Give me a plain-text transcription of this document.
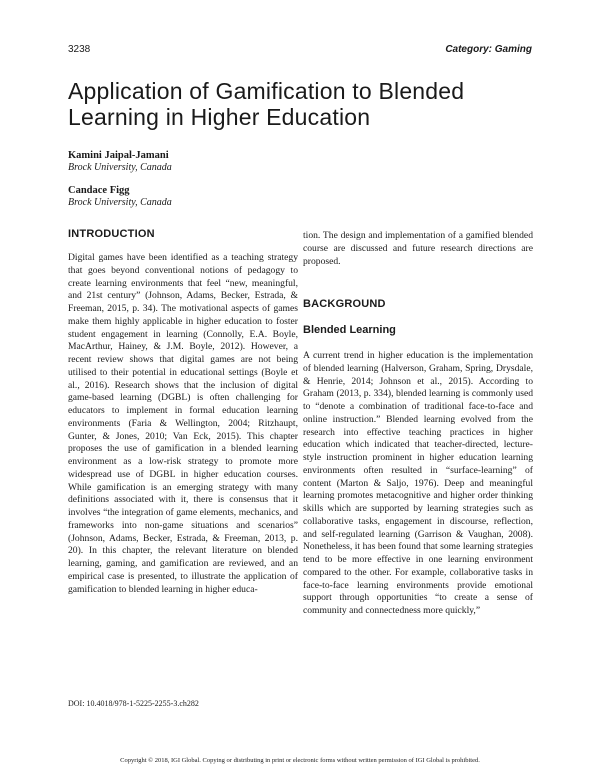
3238	Category: Gaming
Application of Gamification to Blended Learning in Higher Education
Kamini Jaipal-Jamani
Brock University, Canada
Candace Figg
Brock University, Canada
INTRODUCTION
Digital games have been identified as a teaching strategy that goes beyond conventional notions of pedagogy to create learning environments that feel “new, meaningful, and 21st century” (Johnson, Adams, Becker, Estrada, & Freeman, 2015, p. 34). The motivational aspects of games make them highly applicable in higher education to foster student engagement in learning (Connolly, E.A. Boyle, MacArthur, Hainey, & J.M. Boyle, 2012). However, a recent review shows that digital games are not being utilised to their potential in educational settings (Boyle et al., 2016). Research shows that the inclusion of digital game-based learning (DGBL) is often challenging for educators to implement in formal education learning environments (Faria & Wellington, 2004; Ritzhaupt, Gunter, & Jones, 2010; Van Eck, 2015). This chapter proposes the use of gamification in a blended learning environment as a low-risk strategy to promote more widespread use of DGBL in higher education courses. While gamification is an emerging strategy with many definitions associated with it, there is consensus that it involves “the integration of game elements, mechanics, and frameworks into non-game situations and scenarios” (Johnson, Adams, Becker, Estrada, & Freeman, 2013, p. 20). In this chapter, the relevant literature on blended learning, gaming, and gamification are reviewed, and an empirical case is presented, to illustrate the application of gamification to blended learning in higher educa-
tion. The design and implementation of a gamified blended course are discussed and future research directions are proposed.
BACKGROUND
Blended Learning
A current trend in higher education is the implementation of blended learning (Halverson, Graham, Spring, Drysdale, & Henrie, 2014; Johnson et al., 2015). According to Graham (2013, p. 334), blended learning is commonly used to “denote a combination of traditional face-to-face and online instruction.” Blended learning evolved from the research into effective teaching practices in higher education which indicated that teacher-directed, lecture-style instruction prominent in higher education learning environments often resulted in “surface-learning” of content (Marton & Saljo, 1976). Deep and meaningful learning promotes metacognitive and higher order thinking skills which are supported by learning strategies such as collaborative tasks, engagement in discourse, reflection, and self-regulated learning (Garrison & Vaughan, 2008). Nonetheless, it has been found that some learning strategies tend to be more effective in one learning environment compared to the other. For example, collaborative tasks in face-to-face learning environments provide emotional support through opportunities “to create a sense of community and connectedness more quickly,”
DOI: 10.4018/978-1-5225-2255-3.ch282
Copyright © 2018, IGI Global. Copying or distributing in print or electronic forms without written permission of IGI Global is prohibited.
